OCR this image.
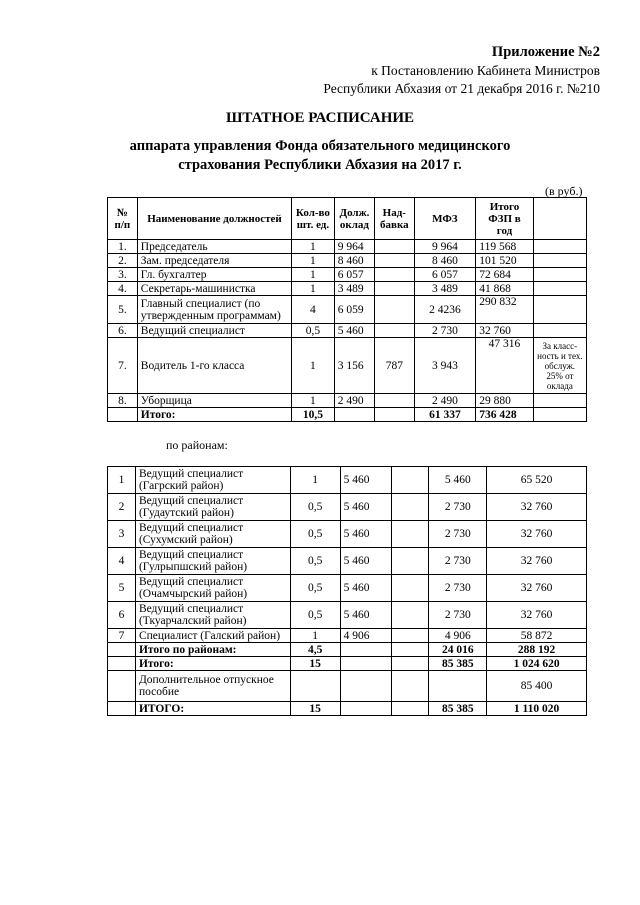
Приложение №2
к Постановлению Кабинета Министров
Республики Абхазия от 21 декабря 2016 г. №210
ШТАТНОЕ РАСПИСАНИЕ
аппарата управления Фонда обязательного медицинского
страхования Республики Абхазия на 2017 г.
(в руб.)
№ п/п	Наименование должностей	Кол-во шт. ед.	Долж. оклад	Над-бавка	МФЗ	Итого ФЗП в год	
1.	Председатель	1	9 964		9 964	119 568	
2.	Зам. председателя	1	8 460		8 460	101 520	
3.	Гл. бухгалтер	1	6 057		6 057	72 684	
4.	Секретарь-машинистка	1	3 489		3 489	41 868	
5.	Главный специалист (по утвержденным программам)	4	6 059		2 4236	290 832	
6.	Ведущий специалист	0,5	5 460		2 730	32 760	
7.	Водитель 1-го класса	1	3 156	787	3 943	47 316	За класс-ность и тех. обслуж. 25% от оклада
8.	Уборщица	1	2 490		2 490	29 880	
	Итого:	10,5			61 337	736 428	
по районам:
1	Ведущий специалист (Гагрский район)	1	5 460		5 460	65 520
2	Ведущий специалист (Гудаутский район)	0,5	5 460		2 730	32 760
3	Ведущий специалист (Сухумский район)	0,5	5 460		2 730	32 760
4	Ведущий специалист (Гулрыпшский район)	0,5	5 460		2 730	32 760
5	Ведущий специалист (Очамчырский район)	0,5	5 460		2 730	32 760
6	Ведущий специалист (Ткуарчалский район)	0,5	5 460		2 730	32 760
7	Специалист (Галский район)	1	4 906		4 906	58 872
	Итого по районам:	4,5			24 016	288 192
	Итого:	15			85 385	1 024 620
	Дополнительное отпускное пособие					85 400
	ИТОГО:	15			85 385	1 110 020
